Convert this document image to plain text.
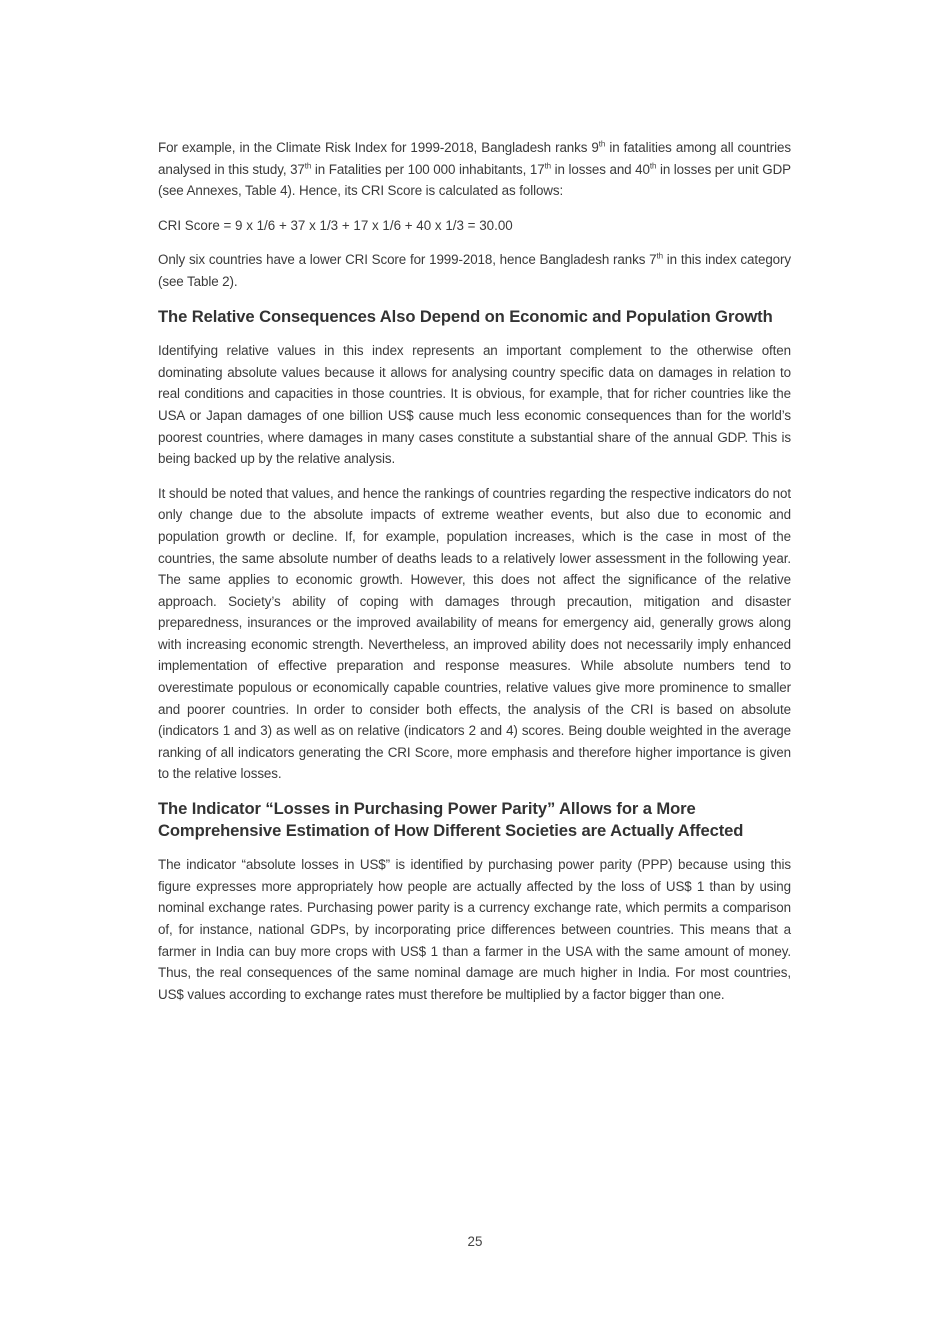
For example, in the Climate Risk Index for 1999-2018, Bangladesh ranks 9th in fatalities among all countries analysed in this study, 37th in Fatalities per 100 000 inhabitants, 17th in losses and 40th in losses per unit GDP (see Annexes, Table 4). Hence, its CRI Score is calculated as follows:

CRI Score = 9 x 1/6 + 37 x 1/3 + 17 x 1/6 + 40 x 1/3 = 30.00

Only six countries have a lower CRI Score for 1999-2018, hence Bangladesh ranks 7th in this index category (see Table 2).

The Relative Consequences Also Depend on Economic and Population Growth

Identifying relative values in this index represents an important complement to the otherwise often dominating absolute values because it allows for analysing country specific data on damages in relation to real conditions and capacities in those countries. It is obvious, for example, that for richer countries like the USA or Japan damages of one billion US$ cause much less economic consequences than for the world’s poorest countries, where damages in many cases constitute a substantial share of the annual GDP. This is being backed up by the relative analysis.

It should be noted that values, and hence the rankings of countries regarding the respective indicators do not only change due to the absolute impacts of extreme weather events, but also due to economic and population growth or decline. If, for example, population increases, which is the case in most of the countries, the same absolute number of deaths leads to a relatively lower assessment in the following year. The same applies to economic growth. However, this does not affect the significance of the relative approach. Society’s ability of coping with damages through precaution, mitigation and disaster preparedness, insurances or the improved availability of means for emergency aid, generally grows along with increasing economic strength. Nevertheless, an improved ability does not necessarily imply enhanced implementation of effective preparation and response measures. While absolute numbers tend to overestimate populous or economically capable countries, relative values give more prominence to smaller and poorer countries. In order to consider both effects, the analysis of the CRI is based on absolute (indicators 1 and 3) as well as on relative (indicators 2 and 4) scores. Being double weighted in the average ranking of all indicators generating the CRI Score, more emphasis and therefore higher importance is given to the relative losses.

The Indicator “Losses in Purchasing Power Parity” Allows for a More Comprehensive Estimation of How Different Societies are Actually Affected

The indicator “absolute losses in US$” is identified by purchasing power parity (PPP) because using this figure expresses more appropriately how people are actually affected by the loss of US$ 1 than by using nominal exchange rates. Purchasing power parity is a currency exchange rate, which permits a comparison of, for instance, national GDPs, by incorporating price differences between countries. This means that a farmer in India can buy more crops with US$ 1 than a farmer in the USA with the same amount of money. Thus, the real consequences of the same nominal damage are much higher in India. For most countries, US$ values according to exchange rates must therefore be multiplied by a factor bigger than one.

25
